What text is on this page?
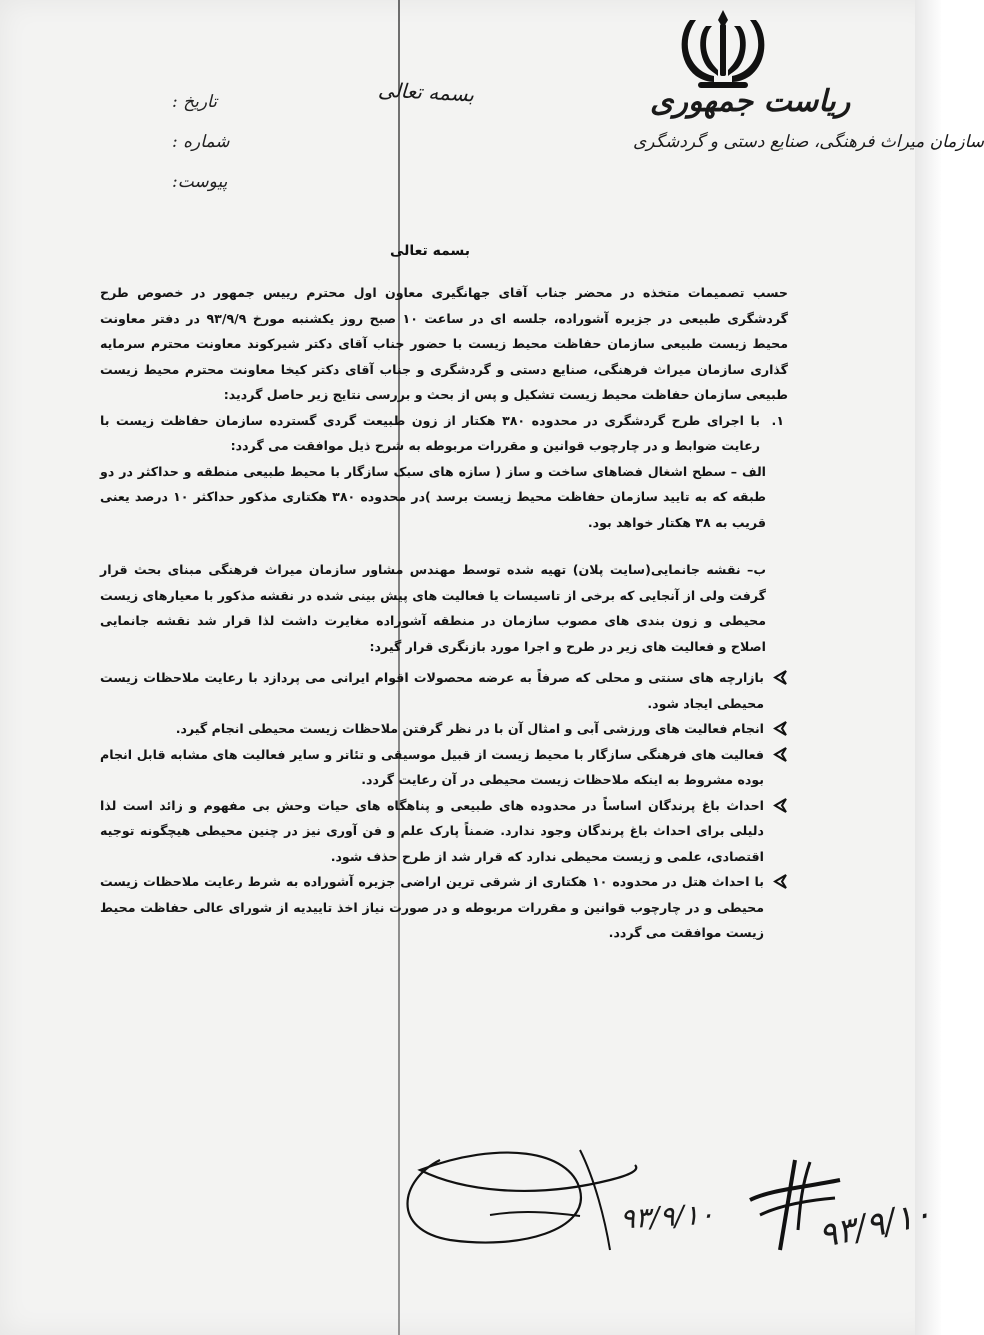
ریاست جمهوری
سازمان میراث فرهنگی، صنایع دستی و گردشگری
بسمه تعالی
تاریخ :
شماره :
پیوست:
بسمه تعالی

حسب تصمیمات متخذه در محضر جناب آقای جهانگیری معاون اول محترم رییس جمهور در خصوص طرح گردشگری طبیعی در جزیره آشوراده، جلسه ای در ساعت ۱۰ صبح روز یکشنبه مورخ ۹۳/۹/۹ در دفتر معاونت محیط زیست طبیعی سازمان حفاظت محیط زیست با حضور جناب آقای دکتر شیرکوند معاونت محترم سرمایه گذاری سازمان میراث فرهنگی، صنایع دستی و گردشگری و جناب آقای دکتر کیخا معاونت محترم محیط زیست طبیعی سازمان حفاظت محیط زیست تشکیل و پس از بحث و بررسی نتایج زیر حاصل گردید:

۱.
با اجرای طرح گردشگری در محدوده ۳۸۰ هکتار از زون طبیعت گردی گسترده سازمان حفاظت زیست با رعایت ضوابط و در چارچوب قوانین و مقررات مربوطه به شرح ذیل موافقت می گردد:

الف – سطح اشغال فضاهای ساخت و ساز ( سازه های سبک سازگار با محیط طبیعی منطقه و حداکثر در دو طبقه که به تایید سازمان حفاظت محیط زیست برسد )در محدوده ۳۸۰ هکتاری مذکور حداکثر ۱۰ درصد یعنی قریب به ۳۸ هکتار خواهد بود.

ب– نقشه جانمایی(سایت پلان) تهیه شده توسط مهندس مشاور سازمان میراث فرهنگی مبنای بحث قرار گرفت ولی از آنجایی که برخی از تاسیسات یا فعالیت های پیش بینی شده در نقشه مذکور با معیارهای زیست محیطی و زون بندی های مصوب سازمان در منطقه آشوراده مغایرت داشت لذا قرار شد نقشه جانمایی اصلاح و فعالیت های زیر در طرح و اجرا مورد بازنگری قرار گیرد:

بازارچه های سنتی و محلی که صرفاً به عرضه محصولات اقوام ایرانی می پردازد با رعایت ملاحظات زیست محیطی ایجاد شود.

انجام فعالیت های ورزشی آبی و امثال آن با در نظر گرفتن ملاحظات زیست محیطی انجام گیرد.

فعالیت های فرهنگی سازگار با محیط زیست از قبیل موسیقی و تئاتر و سایر فعالیت های مشابه قابل انجام بوده مشروط به اینکه ملاحظات زیست محیطی در آن رعایت گردد.

احداث باغ پرندگان اساساً در محدوده های طبیعی و پناهگاه های حیات وحش بی مفهوم و زائد است لذا دلیلی برای احداث باغ پرندگان وجود ندارد. ضمناً پارک علم و فن آوری نیز در چنین محیطی هیچگونه توجیه اقتصادی، علمی و زیست محیطی ندارد که قرار شد از طرح حذف شود.

با احداث هتل در محدوده ۱۰ هکتاری از شرقی ترین اراضی جزیره آشوراده به شرط رعایت ملاحظات زیست محیطی و در چارچوب قوانین و مقررات مربوطه و در صورت نیاز اخذ تاییدیه از شورای عالی حفاظت محیط زیست موافقت می گردد.

۹۳/۹/۱۰	۹۳/۹/۱۰
